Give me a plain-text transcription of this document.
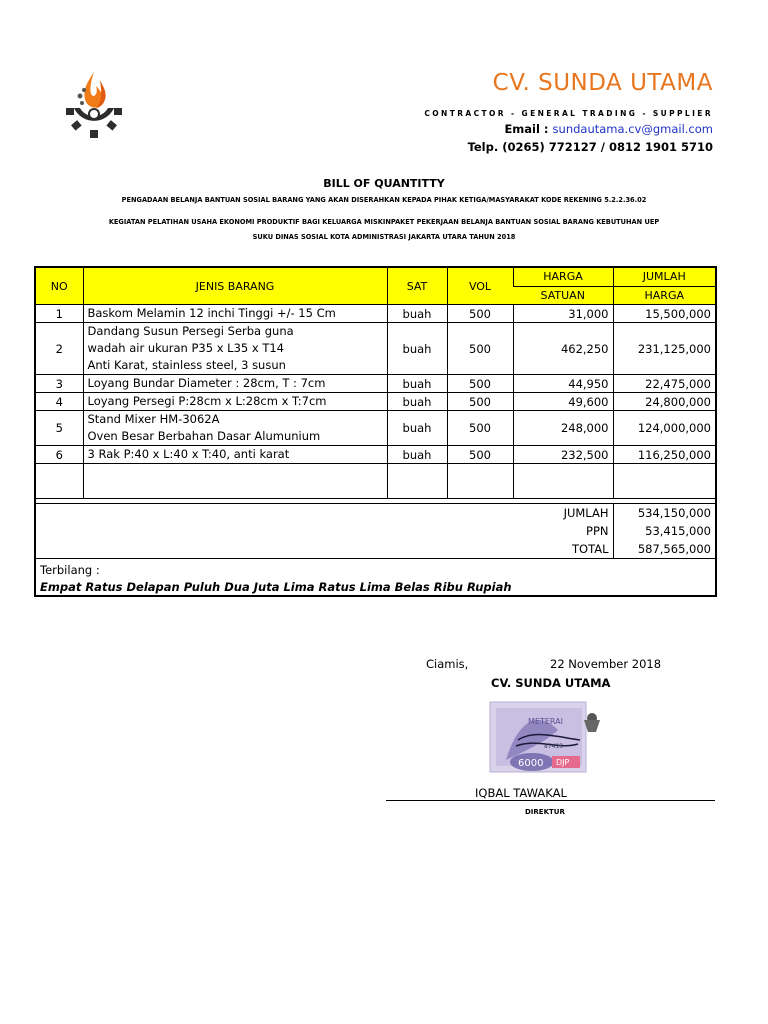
CV. SUNDA UTAMA
CONTRACTOR - GENERAL TRADING - SUPPLIER
Email : sundautama.cv@gmail.com
Telp. (0265) 772127 / 0812 1901 5710
BILL OF QUANTITTY
PENGADAAN BELANJA BANTUAN SOSIAL BARANG YANG AKAN DISERAHKAN KEPADA PIHAK KETIGA/MASYARAKAT KODE REKENING 5.2.2.36.02
KEGIATAN PELATIHAN USAHA EKONOMI PRODUKTIF BAGI KELUARGA MISKINPAKET PEKERJAAN BELANJA BANTUAN SOSIAL BARANG KEBUTUHAN UEP
SUKU DINAS SOSIAL KOTA ADMINISTRASI JAKARTA UTARA TAHUN 2018
NO	JENIS BARANG	SAT	VOL	HARGA	JUMLAH
				SATUAN	HARGA
1	Baskom Melamin 12 inchi Tinggi +/- 15 Cm	buah	500	31,000	15,500,000
2	Dandang Susun Persegi Serba guna
wadah air ukuran P35 x L35 x T14
Anti Karat, stainless steel, 3 susun	buah	500	462,250	231,125,000
3	Loyang Bundar Diameter : 28cm, T : 7cm	buah	500	44,950	22,475,000
4	Loyang Persegi P:28cm x L:28cm x T:7cm	buah	500	49,600	24,800,000
5	Stand Mixer HM-3062A
Oven Besar Berbahan Dasar Alumunium	buah	500	248,000	124,000,000
6	3 Rak P:40 x L:40 x T:40, anti karat	buah	500	232,500	116,250,000

JUMLAH					534,150,000
PPN					53,415,000
TOTAL					587,565,000

Terbilang :
Empat Ratus Delapan Puluh Dua Juta Lima Ratus Lima Belas Ribu Rupiah					
Ciamis,	22 November 2018
CV. SUNDA UTAMA
6000 DJP
METERAI
87413
IQBAL TAWAKAL
DIREKTUR
